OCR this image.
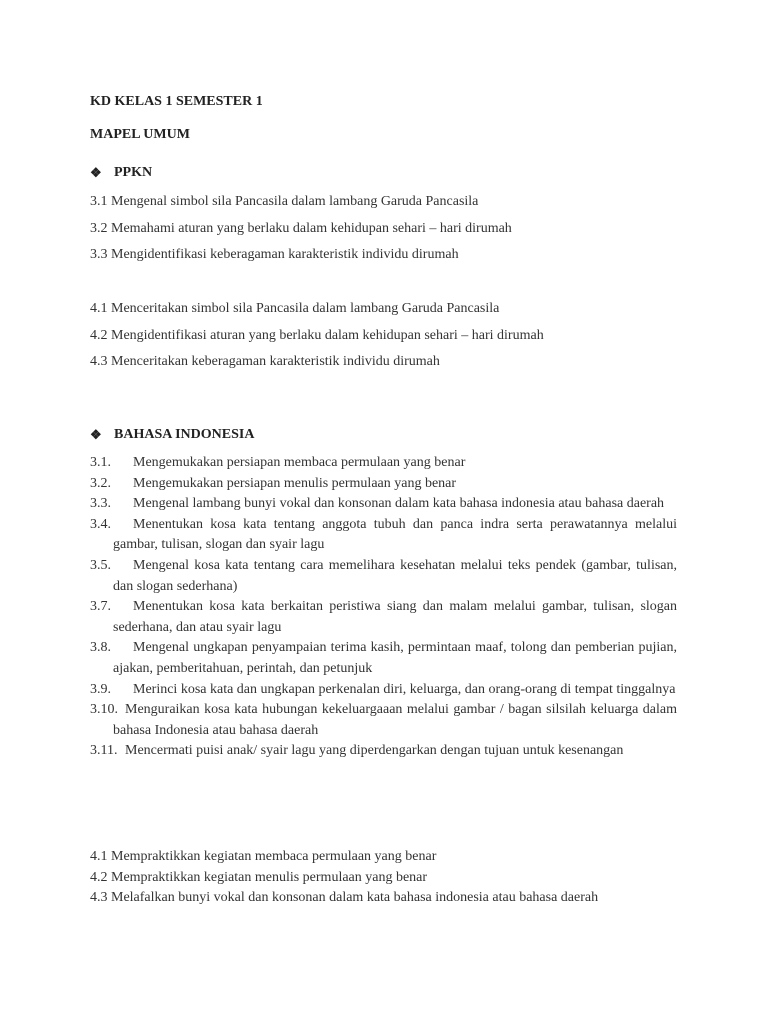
KD KELAS 1 SEMESTER 1
MAPEL UMUM
❖ PPKN
3.1 Mengenal simbol sila Pancasila dalam lambang Garuda Pancasila
3.2 Memahami aturan yang berlaku dalam kehidupan sehari – hari dirumah
3.3 Mengidentifikasi keberagaman karakteristik individu dirumah
4.1 Menceritakan simbol sila Pancasila dalam lambang Garuda Pancasila
4.2 Mengidentifikasi aturan yang berlaku dalam kehidupan sehari – hari dirumah
4.3 Menceritakan keberagaman karakteristik individu dirumah
❖ BAHASA INDONESIA
3.1. Mengemukakan persiapan membaca permulaan yang benar
3.2. Mengemukakan persiapan menulis permulaan yang benar
3.3. Mengenal lambang bunyi vokal dan konsonan dalam kata bahasa indonesia atau bahasa daerah
3.4. Menentukan kosa kata tentang anggota tubuh dan panca indra serta perawatannya melalui gambar, tulisan, slogan dan syair lagu
3.5. Mengenal kosa kata tentang cara memelihara kesehatan melalui teks pendek (gambar, tulisan, dan slogan sederhana)
3.7. Menentukan kosa kata berkaitan peristiwa siang dan malam melalui gambar, tulisan, slogan sederhana, dan atau syair lagu
3.8. Mengenal ungkapan penyampaian terima kasih, permintaan maaf, tolong dan pemberian pujian, ajakan, pemberitahuan, perintah, dan petunjuk
3.9. Merinci kosa kata dan ungkapan perkenalan diri, keluarga, dan orang-orang di tempat tinggalnya
3.10. Menguraikan kosa kata hubungan kekeluargaaan melalui gambar / bagan silsilah keluarga dalam bahasa Indonesia atau bahasa daerah
3.11. Mencermati puisi anak/ syair lagu yang diperdengarkan dengan tujuan untuk kesenangan
4.1 Mempraktikkan kegiatan membaca permulaan yang benar
4.2 Mempraktikkan kegiatan menulis permulaan yang benar
4.3 Melafalkan bunyi vokal dan konsonan dalam kata bahasa indonesia atau bahasa daerah
